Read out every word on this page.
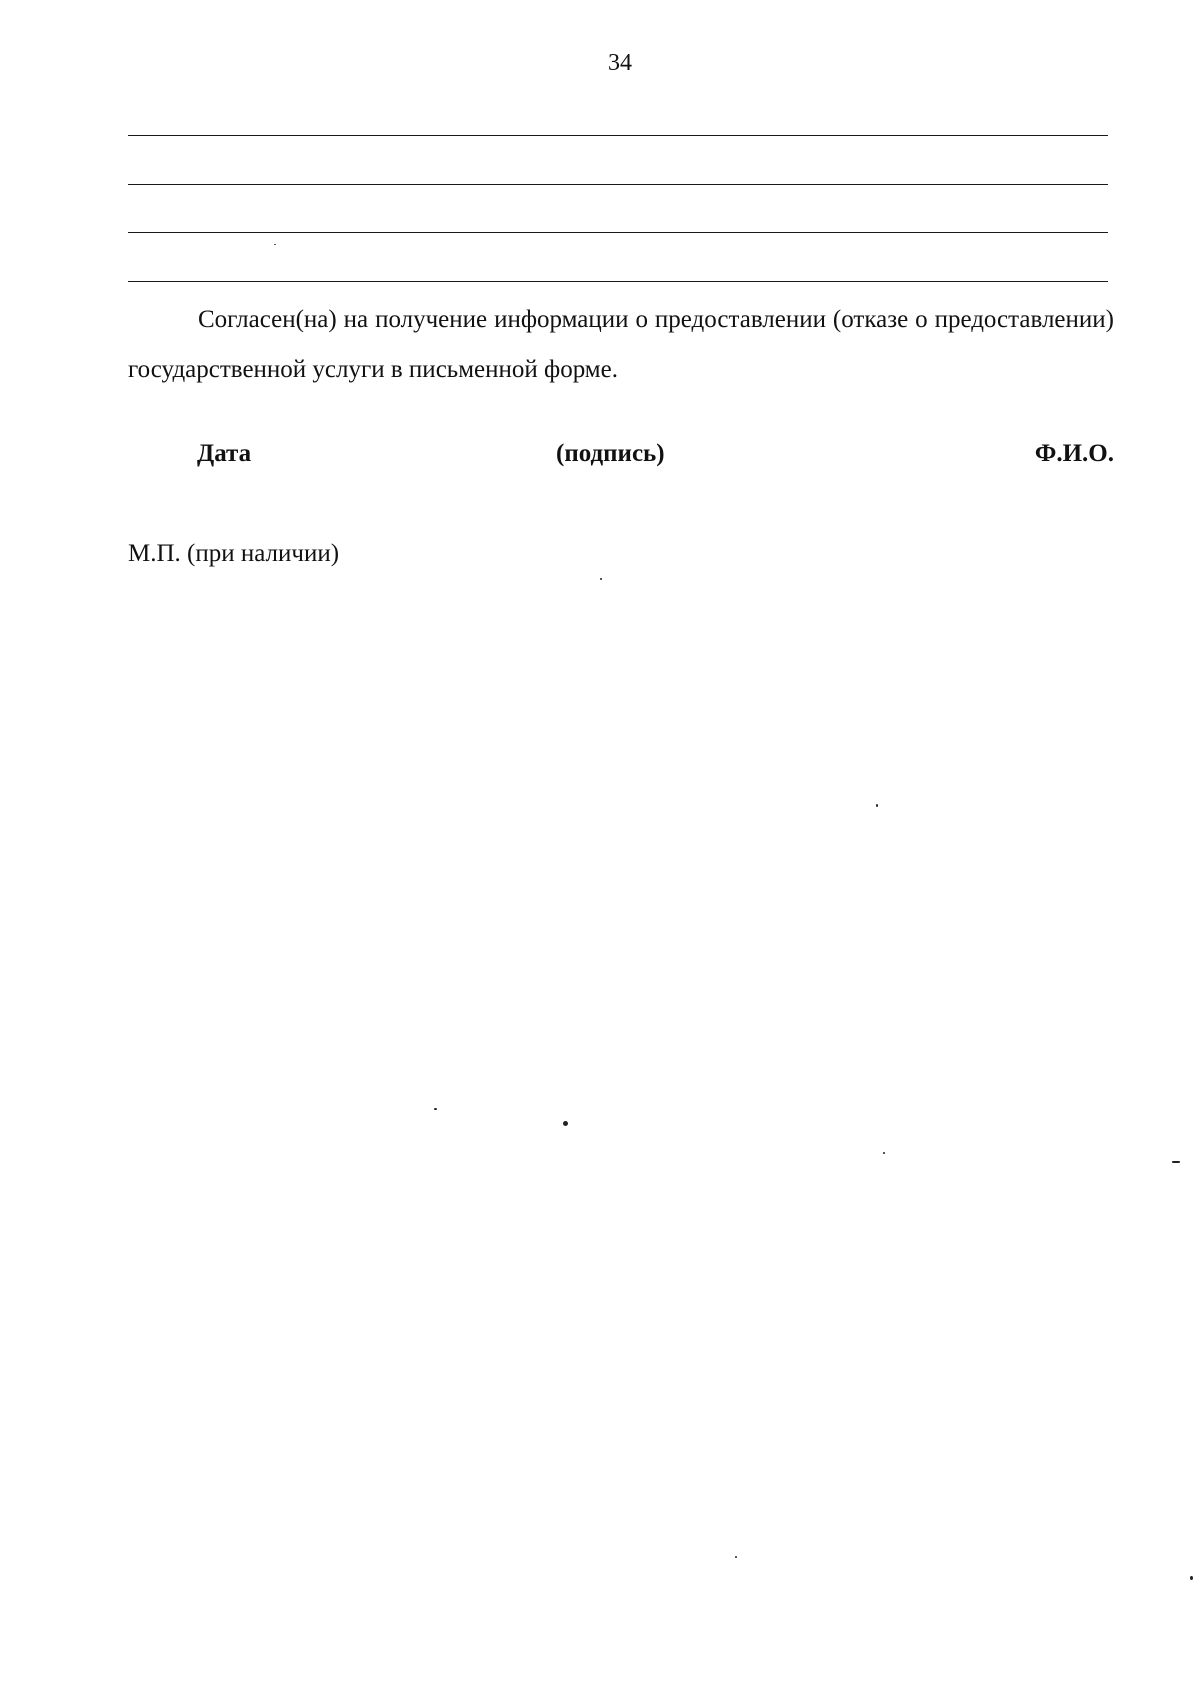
34

Согласен(на) на получение информации о предоставлении (отказе о предоставлении) государственной услуги в письменной форме.

Дата	(подпись)	Ф.И.О.
М.П. (при наличии)
